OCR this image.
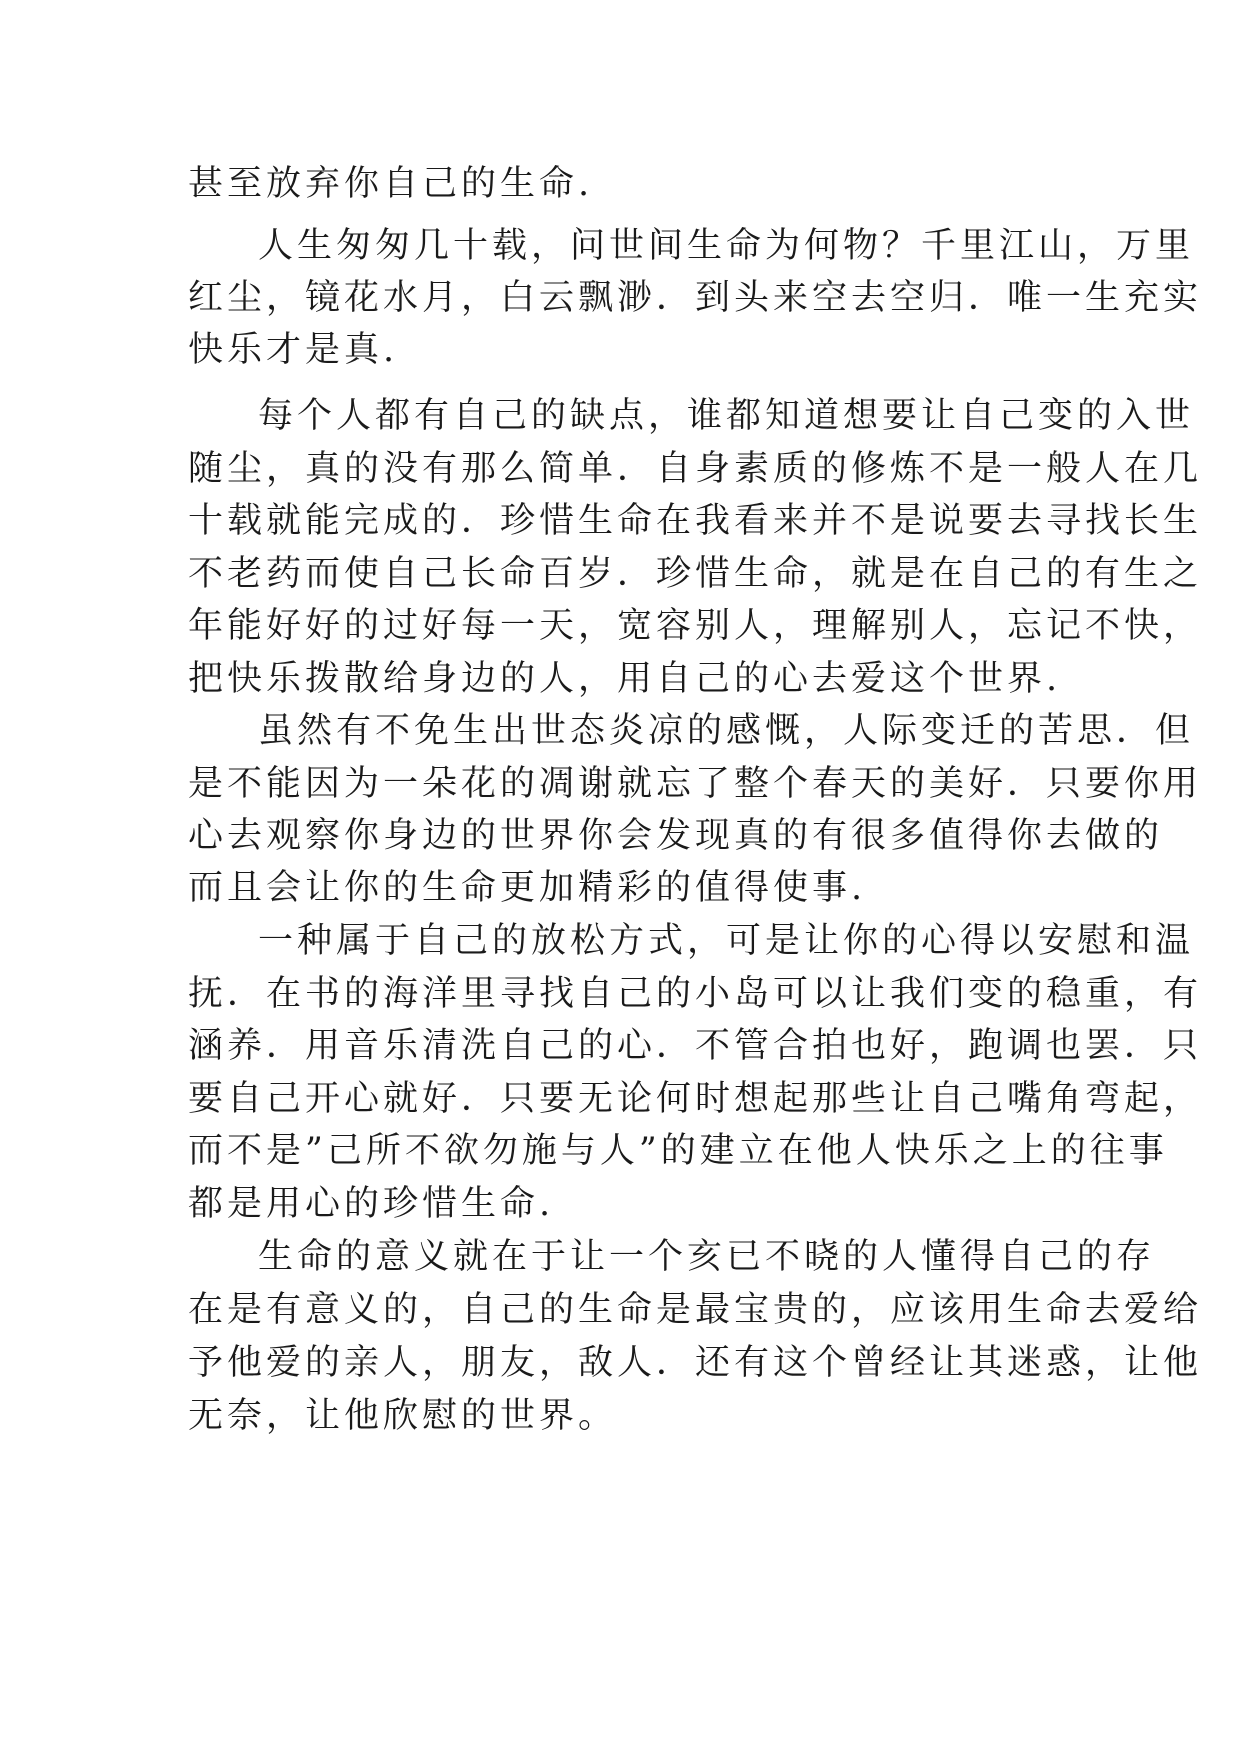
甚至放弃你自己的生命.
人生匆匆几十载，问世间生命为何物？千里江山，万里
红尘，镜花水月，白云飘渺．到头来空去空归．唯一生充实
快乐才是真.
每个人都有自己的缺点，谁都知道想要让自己变的入世
随尘，真的没有那么简单．自身素质的修炼不是一般人在几
十载就能完成的．珍惜生命在我看来并不是说要去寻找长生
不老药而使自己长命百岁．珍惜生命，就是在自己的有生之
年能好好的过好每一天，宽容别人，理解别人，忘记不快，
把快乐拨散给身边的人，用自己的心去爱这个世界.
虽然有不免生出世态炎凉的感慨，人际变迁的苦思．但
是不能因为一朵花的凋谢就忘了整个春天的美好．只要你用
心去观察你身边的世界你会发现真的有很多值得你去做的
而且会让你的生命更加精彩的值得使事.
一种属于自己的放松方式，可是让你的心得以安慰和温
抚．在书的海洋里寻找自己的小岛可以让我们变的稳重，有
涵养．用音乐清洗自己的心．不管合拍也好，跑调也罢．只
要自己开心就好．只要无论何时想起那些让自己嘴角弯起，
而不是”己所不欲勿施与人”的建立在他人快乐之上的往事
都是用心的珍惜生命.
生命的意义就在于让一个亥已不晓的人懂得自己的存
在是有意义的，自己的生命是最宝贵的，应该用生命去爱给
予他爱的亲人，朋友，敌人．还有这个曾经让其迷惑，让他
无奈，让他欣慰的世界。
